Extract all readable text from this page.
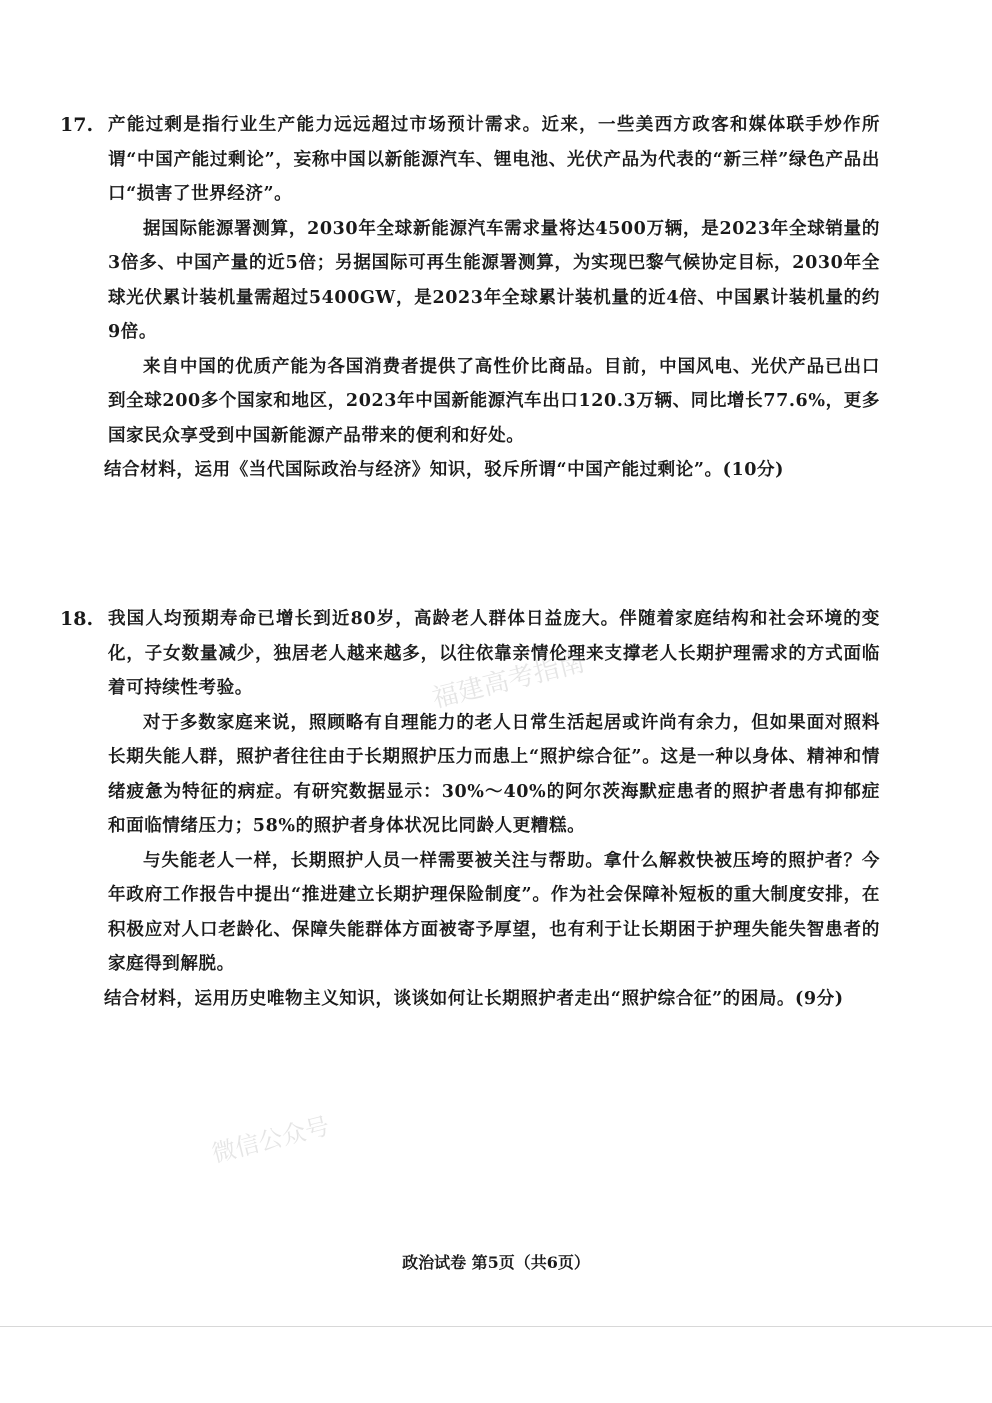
17. 产能过剩是指行业生产能力远远超过市场预计需求。近来，一些美西方政客和媒体联手炒作所谓“中国产能过剩论”，妄称中国以新能源汽车、锂电池、光伏产品为代表的“新三样”绿色产品出口“损害了世界经济”。

据国际能源署测算，2030年全球新能源汽车需求量将达4500万辆，是2023年全球销量的3倍多、中国产量的近5倍；另据国际可再生能源署测算，为实现巴黎气候协定目标，2030年全球光伏累计装机量需超过5400GW，是2023年全球累计装机量的近4倍、中国累计装机量的约9倍。

来自中国的优质产能为各国消费者提供了高性价比商品。目前，中国风电、光伏产品已出口到全球200多个国家和地区，2023年中国新能源汽车出口120.3万辆、同比增长77.6%，更多国家民众享受到中国新能源产品带来的便利和好处。

结合材料，运用《当代国际政治与经济》知识，驳斥所谓“中国产能过剩论”。(10分)

18. 我国人均预期寿命已增长到近80岁，高龄老人群体日益庞大。伴随着家庭结构和社会环境的变化，子女数量减少，独居老人越来越多，以往依靠亲情伦理来支撑老人长期护理需求的方式面临着可持续性考验。

对于多数家庭来说，照顾略有自理能力的老人日常生活起居或许尚有余力，但如果面对照料长期失能人群，照护者往往由于长期照护压力而患上“照护综合征”。这是一种以身体、精神和情绪疲惫为特征的病症。有研究数据显示：30%～40%的阿尔茨海默症患者的照护者患有抑郁症和面临情绪压力；58%的照护者身体状况比同龄人更糟糕。

与失能老人一样，长期照护人员一样需要被关注与帮助。拿什么解救快被压垮的照护者？今年政府工作报告中提出“推进建立长期护理保险制度”。作为社会保障补短板的重大制度安排，在积极应对人口老龄化、保障失能群体方面被寄予厚望，也有利于让长期困于护理失能失智患者的家庭得到解脱。

结合材料，运用历史唯物主义知识，谈谈如何让长期照护者走出“照护综合征”的困局。(9分)

福建高考指南
微信公众号
政治试卷 第5页（共6页）
